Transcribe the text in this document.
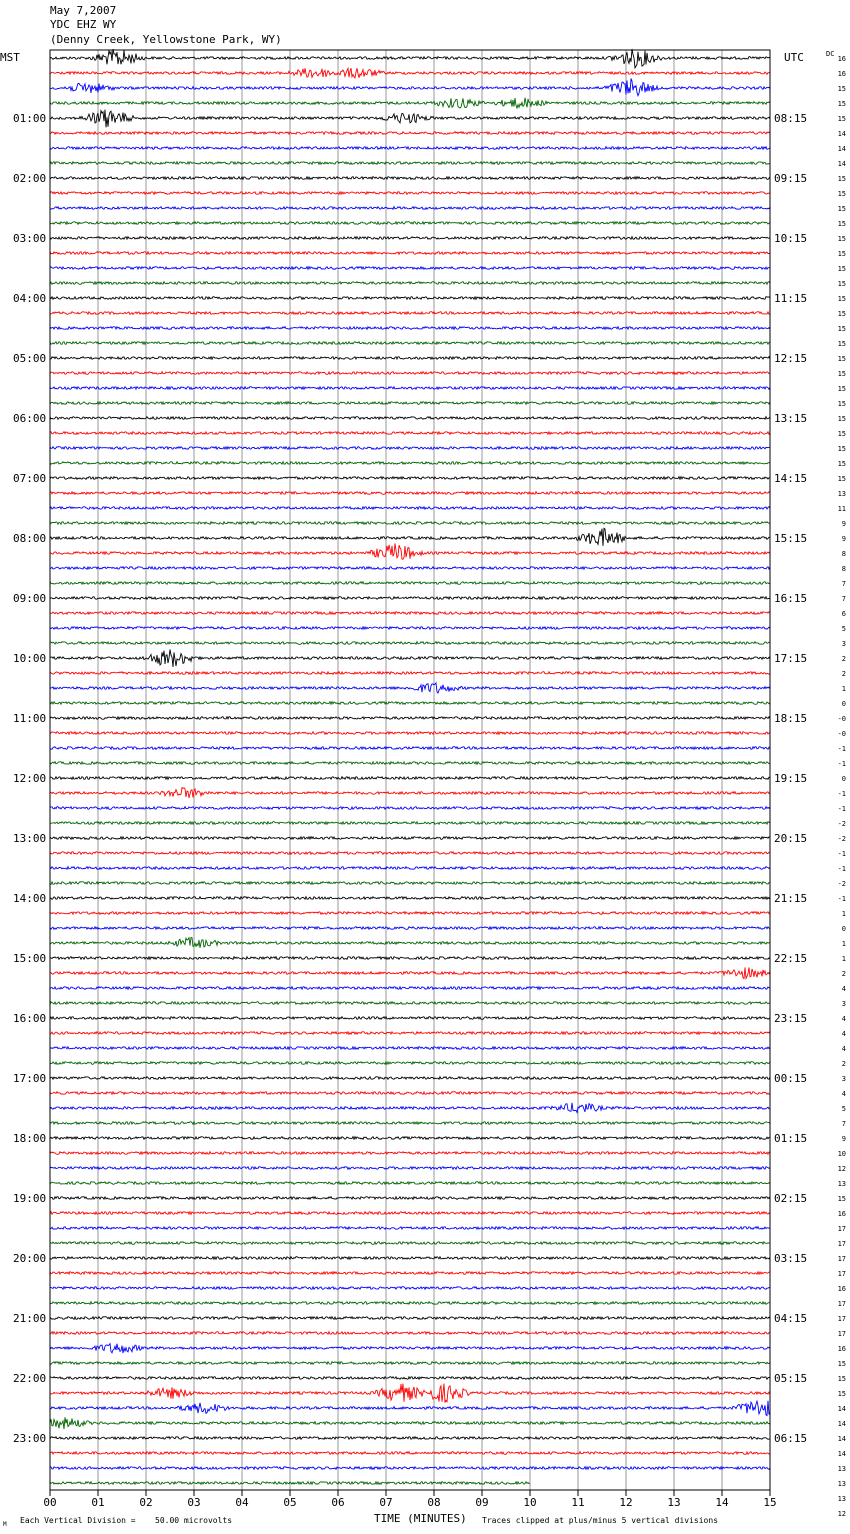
May 7,2007
YDC EHZ WY
(Denny Creek, Yellowstone Park, WY)
MST	UTC	DC
01:00
02:00
03:00
04:00
05:00
06:00
07:00
08:00
09:00
10:00
11:00
12:00
13:00
14:00
15:00
16:00
17:00
18:00
19:00
20:00
21:00
22:00
23:00
08:15
09:15
10:15
11:15
12:15
13:15
14:15
15:15
16:15
17:15
18:15
19:15
20:15
21:15
22:15
23:15
00:15
01:15
02:15
03:15
04:15
05:15
06:15
16
16
15
15
15
14
14
14
15
15
15
15
15
15
15
15
15
15
15
15
15
15
15
15
15
15
15
15
15
13
11
9
9
8
8
7
7
6
5
3
2
2
1
0
-0
-0
-1
-1
0
-1
-1
-2
-2
-1
-1
-2
-1
1
0
1
1
2
4
3
4
4
4
2
3
4
5
7
9
10
12
13
15
16
17
17
17
17
16
17
17
17
16
15
15
15
14
14
14
14
13
13
13
12
00	01	02	03	04	05	06	07	08	09	10	11	12	13	14	15
TIME (MINUTES)
M Each Vertical Division = 50.00 microvolts	Traces clipped at plus/minus 5 vertical divisions
